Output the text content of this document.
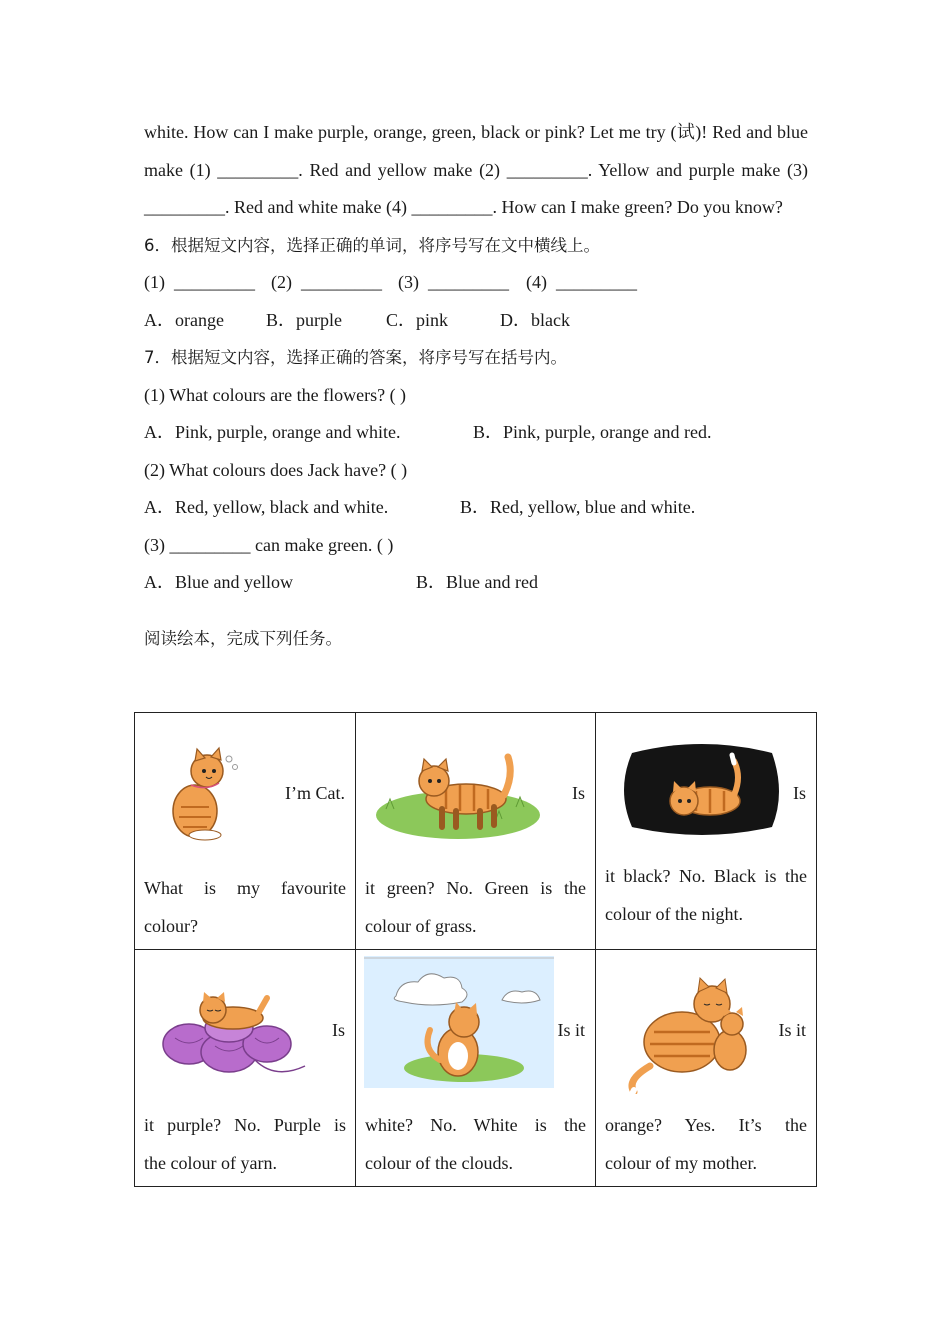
white. How can I make purple, orange, green, black or pink? Let me try (试)! Red and blue make (1) _________. Red and yellow make (2) _________. Yellow and purple make (3) _________. Red and white make (4) _________. How can I make green? Do you know?

6．根据短文内容，选择正确的单词，将序号写在文中横线上。
(1) _________ (2) _________ (3) _________ (4) _________
A．orange B．purple C．pink	D．black
7．根据短文内容，选择正确的答案，将序号写在括号内。
(1) What colours are the flowers? ( )
A．Pink, purple, orange and white.	B．Pink, purple, orange and red.
(2) What colours does Jack have? ( )
A．Red, yellow, black and white.	B．Red, yellow, blue and white.
(3) _________ can make green. ( )
A．Blue and yellow	B．Blue and red
阅读绘本，完成下列任务。
I’m Cat.
What is my favourite
colour?	Is
it green? No. Green is the
colour of grass.	Is
it black? No. Black is the
colour of the night.

Is
it purple? No. Purple is
the colour of yarn.	Is it
white? No. White is the
colour of the clouds.	Is it
orange? Yes. It’s the
colour of my mother.
